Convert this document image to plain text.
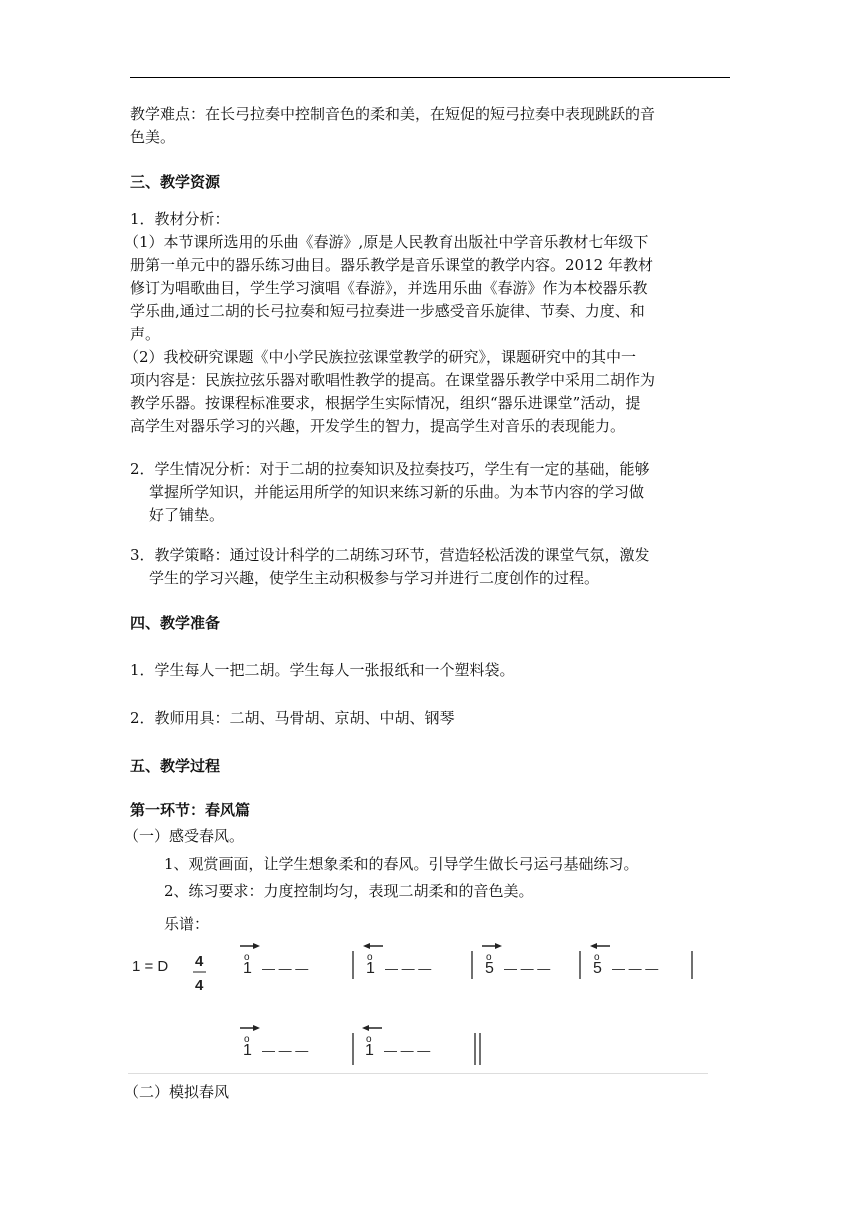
教学难点：在长弓拉奏中控制音色的柔和美，在短促的短弓拉奏中表现跳跃的音
色美。
三、教学资源
1．教材分析：
（1）本节课所选用的乐曲《春游》,原是人民教育出版社中学音乐教材七年级下
册第一单元中的器乐练习曲目。器乐教学是音乐课堂的教学内容。2012 年教材
修订为唱歌曲目，学生学习演唱《春游》，并选用乐曲《春游》作为本校器乐教
学乐曲,通过二胡的长弓拉奏和短弓拉奏进一步感受音乐旋律、节奏、力度、和
声。
（2）我校研究课题《中小学民族拉弦课堂教学的研究》，课题研究中的其中一
项内容是：民族拉弦乐器对歌唱性教学的提高。在课堂器乐教学中采用二胡作为
教学乐器。按课程标准要求，根据学生实际情况，组织“器乐进课堂”活动，提
高学生对器乐学习的兴趣，开发学生的智力，提高学生对音乐的表现能力。
2．学生情况分析：对于二胡的拉奏知识及拉奏技巧，学生有一定的基础，能够
掌握所学知识，并能运用所学的知识来练习新的乐曲。为本节内容的学习做
好了铺垫。
3．教学策略：通过设计科学的二胡练习环节，营造轻松活泼的课堂气氛，激发
学生的学习兴趣，使学生主动积极参与学习并进行二度创作的过程。
四、教学准备
1．学生每人一把二胡。学生每人一张报纸和一个塑料袋。
2．教师用具：二胡、马骨胡、京胡、中胡、钢琴
五、教学过程
第一环节：春风篇
（一）感受春风。
1、观赏画面，让学生想象柔和的春风。引导学生做长弓运弓基础练习。
2、练习要求：力度控制均匀，表现二胡柔和的音色美。
乐谱：
1 = D 4
4
o
1 — — —
o
1 — — —
o
5 — — —
o
5 — — —
o
1 — — —
o
1 — — —
（二）模拟春风
